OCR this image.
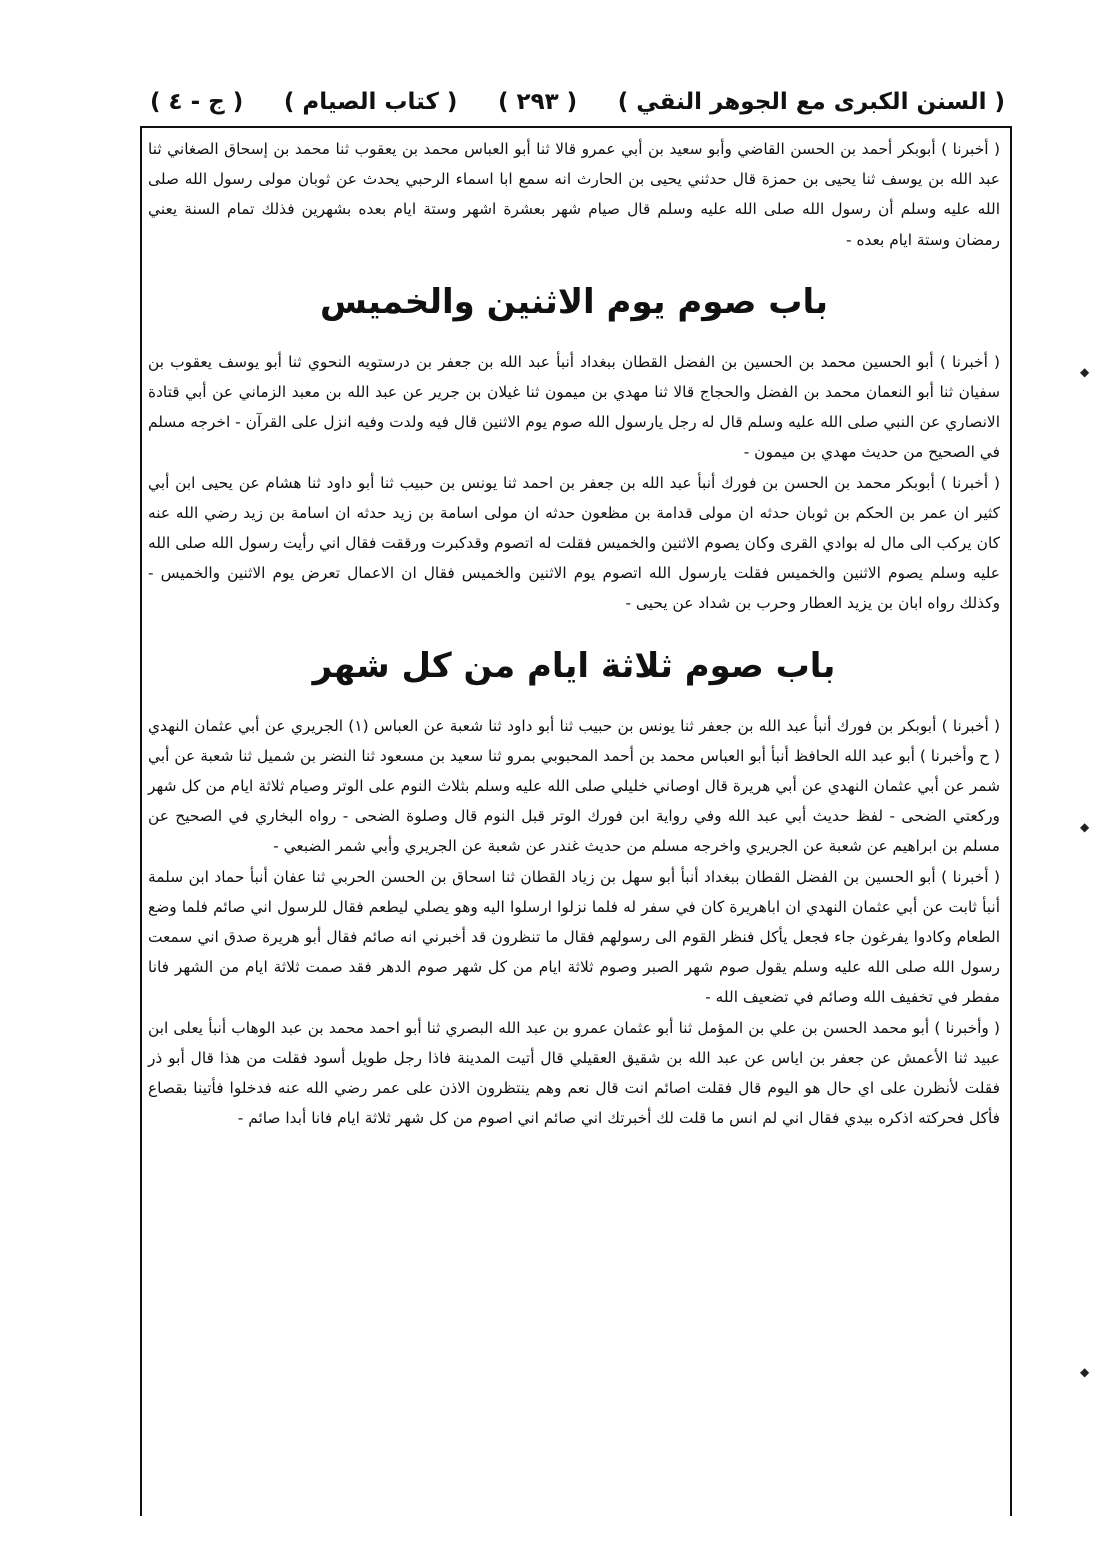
( السنن الكبرى مع الجوهر النقي )
( ٢٩٣ )
( كتاب الصيام )
( ج - ٤ )

( أخبرنا ) أبوبكر أحمد بن الحسن القاضي وأبو سعيد بن أبي عمرو قالا ثنا أبو العباس محمد بن يعقوب ثنا محمد بن إسحاق الصغاني ثنا عبد الله بن يوسف ثنا يحيى بن حمزة قال حدثني يحيى بن الحارث انه سمع ابا اسماء الرحبي يحدث عن ثوبان مولى رسول الله صلى الله عليه وسلم أن رسول الله صلى الله عليه وسلم قال صيام شهر بعشرة اشهر وستة ايام بعده بشهرين فذلك تمام السنة يعني رمضان وستة ايام بعده -

باب صوم يوم الاثنين والخميس

( أخبرنا ) أبو الحسين محمد بن الحسين بن الفضل القطان ببغداد أنبأ عبد الله بن جعفر بن درستويه النحوي ثنا أبو يوسف يعقوب بن سفيان ثنا أبو النعمان محمد بن الفضل والحجاج قالا ثنا مهدي بن ميمون ثنا غيلان بن جرير عن عبد الله بن معبد الزماني عن أبي قتادة الانصاري عن النبي صلى الله عليه وسلم قال له رجل يارسول الله صوم يوم الاثنين قال فيه ولدت وفيه انزل على القرآن - اخرجه مسلم في الصحيح من حديث مهدي بن ميمون -

( أخبرنا ) أبوبكر محمد بن الحسن بن فورك أنبأ عبد الله بن جعفر بن احمد ثنا يونس بن حبيب ثنا أبو داود ثنا هشام عن يحيى ابن أبي كثير ان عمر بن الحكم بن ثوبان حدثه ان مولى قدامة بن مظعون حدثه ان مولى اسامة بن زيد حدثه ان اسامة بن زيد رضي الله عنه كان يركب الى مال له بوادي القرى وكان يصوم الاثنين والخميس فقلت له اتصوم وقدكبرت ورققت فقال اني رأيت رسول الله صلى الله عليه وسلم يصوم الاثنين والخميس فقلت يارسول الله اتصوم يوم الاثنين والخميس فقال ان الاعمال تعرض يوم الاثنين والخميس - وكذلك رواه ابان بن يزيد العطار وحرب بن شداد عن يحيى -

باب صوم ثلاثة ايام من كل شهر

( أخبرنا ) أبوبكر بن فورك أنبأ عبد الله بن جعفر ثنا يونس بن حبيب ثنا أبو داود ثنا شعبة عن العباس (١) الجريري عن أبي عثمان النهدي ( ح وأخبرنا ) أبو عبد الله الحافظ أنبأ أبو العباس محمد بن أحمد المحبوبي بمرو ثنا سعيد بن مسعود ثنا النضر بن شميل ثنا شعبة عن أبي شمر عن أبي عثمان النهدي عن أبي هريرة قال اوصاني خليلي صلى الله عليه وسلم بثلاث النوم على الوتر وصيام ثلاثة ايام من كل شهر وركعتي الضحى - لفظ حديث أبي عبد الله وفي رواية ابن فورك الوتر قبل النوم قال وصلوة الضحى - رواه البخاري في الصحيح عن مسلم بن ابراهيم عن شعبة عن الجريري واخرجه مسلم من حديث غندر عن شعبة عن الجريري وأبي شمر الضبعي -

( أخبرنا ) أبو الحسين بن الفضل القطان ببغداد أنبأ أبو سهل بن زياد القطان ثنا اسحاق بن الحسن الحربي ثنا عفان أنبأ حماد ابن سلمة أنبأ ثابت عن أبي عثمان النهدي ان اباهريرة كان في سفر له فلما نزلوا ارسلوا اليه وهو يصلي ليطعم فقال للرسول اني صائم فلما وضع الطعام وكادوا يفرغون جاء فجعل يأكل فنظر القوم الى رسولهم فقال ما تنظرون قد أخبرني انه صائم فقال أبو هريرة صدق اني سمعت رسول الله صلى الله عليه وسلم يقول صوم شهر الصبر وصوم ثلاثة ايام من كل شهر صوم الدهر فقد صمت ثلاثة ايام من الشهر فانا مفطر في تخفيف الله وصائم في تضعيف الله -

( وأخبرنا ) أبو محمد الحسن بن علي بن المؤمل ثنا أبو عثمان عمرو بن عبد الله البصري ثنا أبو احمد محمد بن عبد الوهاب أنبأ يعلى ابن عبيد ثنا الأعمش عن جعفر بن اياس عن عبد الله بن شقيق العقيلي قال أتيت المدينة فاذا رجل طويل أسود فقلت من هذا قال أبو ذر فقلت لأنظرن على اي حال هو اليوم قال فقلت اصائم انت قال نعم وهم ينتظرون الاذن على عمر رضي الله عنه فدخلوا فأتينا بقصاع فأكل فحركته اذكره بيدي فقال اني لم انس ما قلت لك أخبرتك اني صائم اني اصوم من كل شهر ثلاثة ايام فانا أبدا صائم -

◆
◆
◆
